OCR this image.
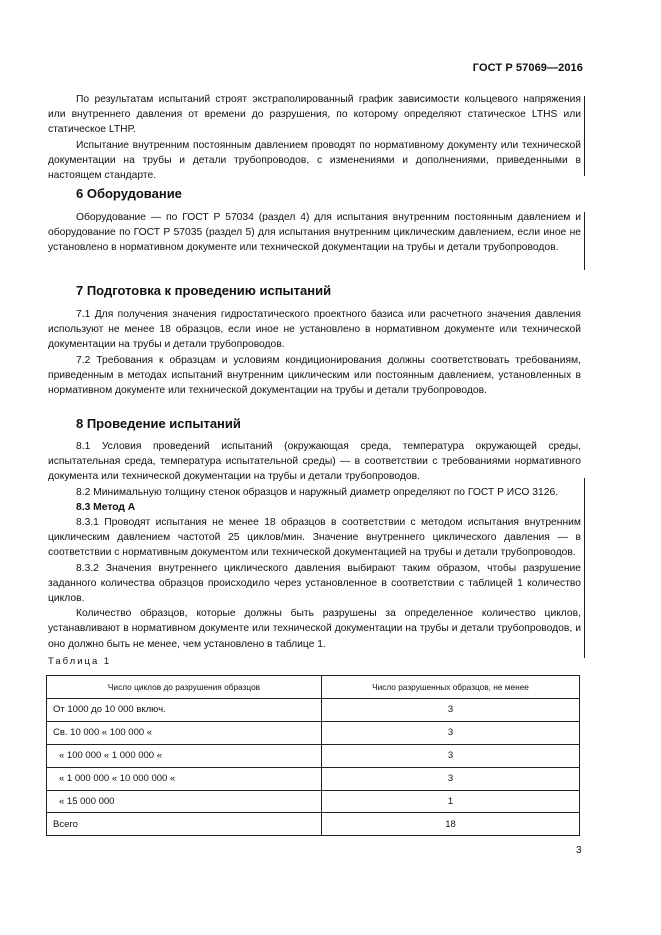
ГОСТ Р 57069—2016

По результатам испытаний строят экстраполированный график зависимости кольцевого напряжения или внутреннего давления от времени до разрушения, по которому определяют статическое LTHS или статическое LTHP.

Испытание внутренним постоянным давлением проводят по нормативному документу или технической документации на трубы и детали трубопроводов, с изменениями и дополнениями, приведенными в настоящем стандарте.

6 Оборудование

Оборудование — по ГОСТ Р 57034 (раздел 4) для испытания внутренним постоянным давлением и оборудование по ГОСТ Р 57035 (раздел 5) для испытания внутренним циклическим давлением, если иное не установлено в нормативном документе или технической документации на трубы и детали трубопроводов.

7 Подготовка к проведению испытаний

7.1 Для получения значения гидростатического проектного базиса или расчетного значения давления используют не менее 18 образцов, если иное не установлено в нормативном документе или технической документации на трубы и детали трубопроводов.

7.2 Требования к образцам и условиям кондиционирования должны соответствовать требованиям, приведенным в методах испытаний внутренним циклическим или постоянным давлением, установленных в нормативном документе или технической документации на трубы и детали трубопроводов.

8 Проведение испытаний

8.1 Условия проведений испытаний (окружающая среда, температура окружающей среды, испытательная среда, температура испытательной среды) — в соответствии с требованиями нормативного документа или технической документации на трубы и детали трубопроводов.

8.2 Минимальную толщину стенок образцов и наружный диаметр определяют по ГОСТ Р ИСО 3126.

8.3 Метод А

8.3.1 Проводят испытания не менее 18 образцов в соответствии с методом испытания внутренним циклическим давлением частотой 25 циклов/мин. Значение внутреннего циклического давления — в соответствии с нормативным документом или технической документацией на трубы и детали трубопроводов.

8.3.2 Значения внутреннего циклического давления выбирают таким образом, чтобы разрушение заданного количества образцов происходило через установленное в соответствии с таблицей 1 количество циклов.

Количество образцов, которые должны быть разрушены за определенное количество циклов, устанавливают в нормативном документе или технической документации на трубы и детали трубопроводов, и оно должно быть не менее, чем установлено в таблице 1.

Таблица 1
Число циклов до разрушения образцов	Число разрушенных образцов, не менее
От 1000 до 10 000 включ.	3
Св. 10 000 « 100 000 «	3
« 100 000 « 1 000 000 «	3
« 1 000 000 « 10 000 000 «	3
« 15 000 000	1
Всего	18
3
